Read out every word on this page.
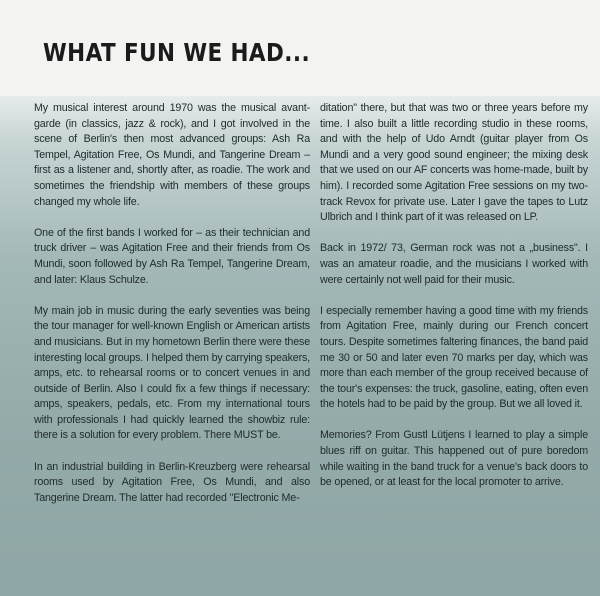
WHAT FUN WE HAD...

My musical interest around 1970 was the musical avant-garde (in classics, jazz & rock), and I got involved in the scene of Berlin's then most advanced groups: Ash Ra Tempel, Agitation Free, Os Mundi, and Tangerine Dream – first as a listener and, shortly after, as roadie. The work and sometimes the friendship with members of these groups changed my whole life.

One of the first bands I worked for – as their technician and truck driver – was Agitation Free and their friends from Os Mundi, soon followed by Ash Ra Tempel, Tangerine Dream, and later: Klaus Schulze.

My main job in music during the early seventies was being the tour manager for well-known English or American artists and musicians. But in my hometown Berlin there were these interesting local groups. I helped them by carrying speakers, amps, etc. to rehearsal rooms or to concert venues in and outside of Berlin. Also I could fix a few things if necessary: amps, speakers, pedals, etc. From my international tours with professionals I had quickly learned the showbiz rule: there is a solution for every problem. There MUST be.

In an industrial building in Berlin-Kreuzberg were rehearsal rooms used by Agitation Free, Os Mundi, and also Tangerine Dream. The latter had recorded "Electronic Me-

ditation" there, but that was two or three years before my time. I also built a little recording studio in these rooms, and with the help of Udo Arndt (guitar player from Os Mundi and a very good sound engineer; the mixing desk that we used on our AF concerts was home-made, built by him). I recorded some Agitation Free sessions on my two-track Revox for private use. Later I gave the tapes to Lutz Ulbrich and I think part of it was released on LP.

Back in 1972/ 73, German rock was not a „business". I was an amateur roadie, and the musicians I worked with were certainly not well paid for their music.

I especially remember having a good time with my friends from Agitation Free, mainly during our French concert tours. Despite sometimes faltering finances, the band paid me 30 or 50 and later even 70 marks per day, which was more than each member of the group received because of the tour's expenses: the truck, gasoline, eating, often even the hotels had to be paid by the group. But we all loved it.

Memories? From Gustl Lütjens I learned to play a simple blues riff on guitar. This happened out of pure boredom while waiting in the band truck for a venue's back doors to be opened, or at least for the local promoter to arrive.
